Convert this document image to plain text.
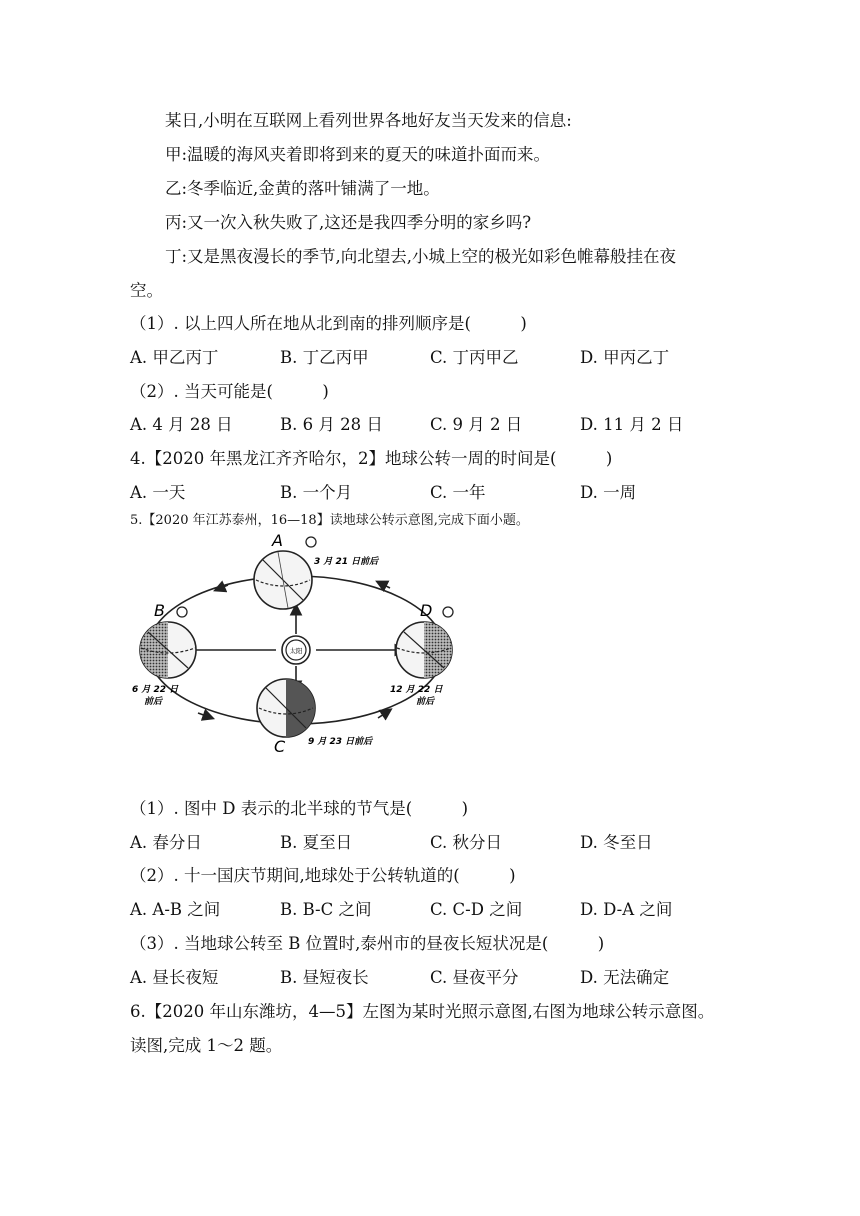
某日,小明在互联网上看列世界各地好友当天发来的信息:
甲:温暖的海风夹着即将到来的夏天的味道扑面而来。
乙:冬季临近,金黄的落叶铺满了一地。
丙:又一次入秋失败了,这还是我四季分明的家乡吗?
丁:又是黑夜漫长的季节,向北望去,小城上空的极光如彩色帷幕般挂在夜
空。
（1）. 以上四人所在地从北到南的排列顺序是(　　　)
A. 甲乙丙丁	B. 丁乙丙甲	C. 丁丙甲乙	D. 甲丙乙丁
（2）. 当天可能是(　　　)
A. 4 月 28 日	B. 6 月 28 日	C. 9 月 2 日	D. 11 月 2 日
4.【2020 年黑龙江齐齐哈尔，2】地球公转一周的时间是(　　　)
A. 一天	B. 一个月	C. 一年	D. 一周
5.【2020 年江苏泰州，16—18】读地球公转示意图,完成下面小题。
太阳
A
3 月 21 日前后
B
6 月 22 日
前后
D
12 月 22 日
前后
C	9 月 23 日前后
（1）. 图中 D 表示的北半球的节气是(　　　)
A. 春分日	B. 夏至日	C. 秋分日	D. 冬至日
（2）. 十一国庆节期间,地球处于公转轨道的(　　　)
A. A-B 之间	B. B-C 之间	C. C-D 之间	D. D-A 之间
（3）. 当地球公转至 B 位置时,泰州市的昼夜长短状况是(　　　)
A. 昼长夜短	B. 昼短夜长	C. 昼夜平分	D. 无法确定
6.【2020 年山东潍坊，4—5】左图为某时光照示意图,右图为地球公转示意图。
读图,完成 1～2 题。
